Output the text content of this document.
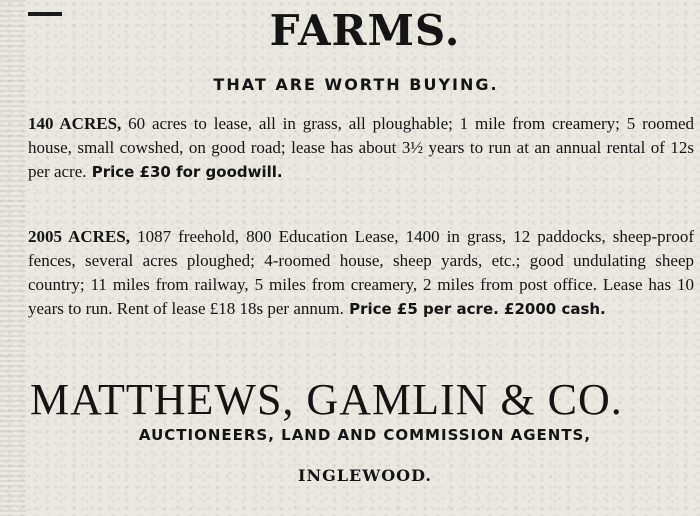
FARMS.
THAT ARE WORTH BUYING.
140 ACRES, 60 acres to lease, all in grass, all ploughable; 1 mile from creamery; 5 roomed house, small cowshed, on good road; lease has about 3½ years to run at an annual rental of 12s per acre. Price £30 for goodwill.
2005 ACRES, 1087 freehold, 800 Education Lease, 1400 in grass, 12 paddocks, sheep-proof fences, several acres ploughed; 4-roomed house, sheep yards, etc.; good undulating sheep country; 11 miles from railway, 5 miles from creamery, 2 miles from post office. Lease has 10 years to run. Rent of lease £18 18s per annum. Price £5 per acre. £2000 cash.
MATTHEWS, GAMLIN & CO.
AUCTIONEERS, LAND AND COMMISSION AGENTS,
INGLEWOOD.
